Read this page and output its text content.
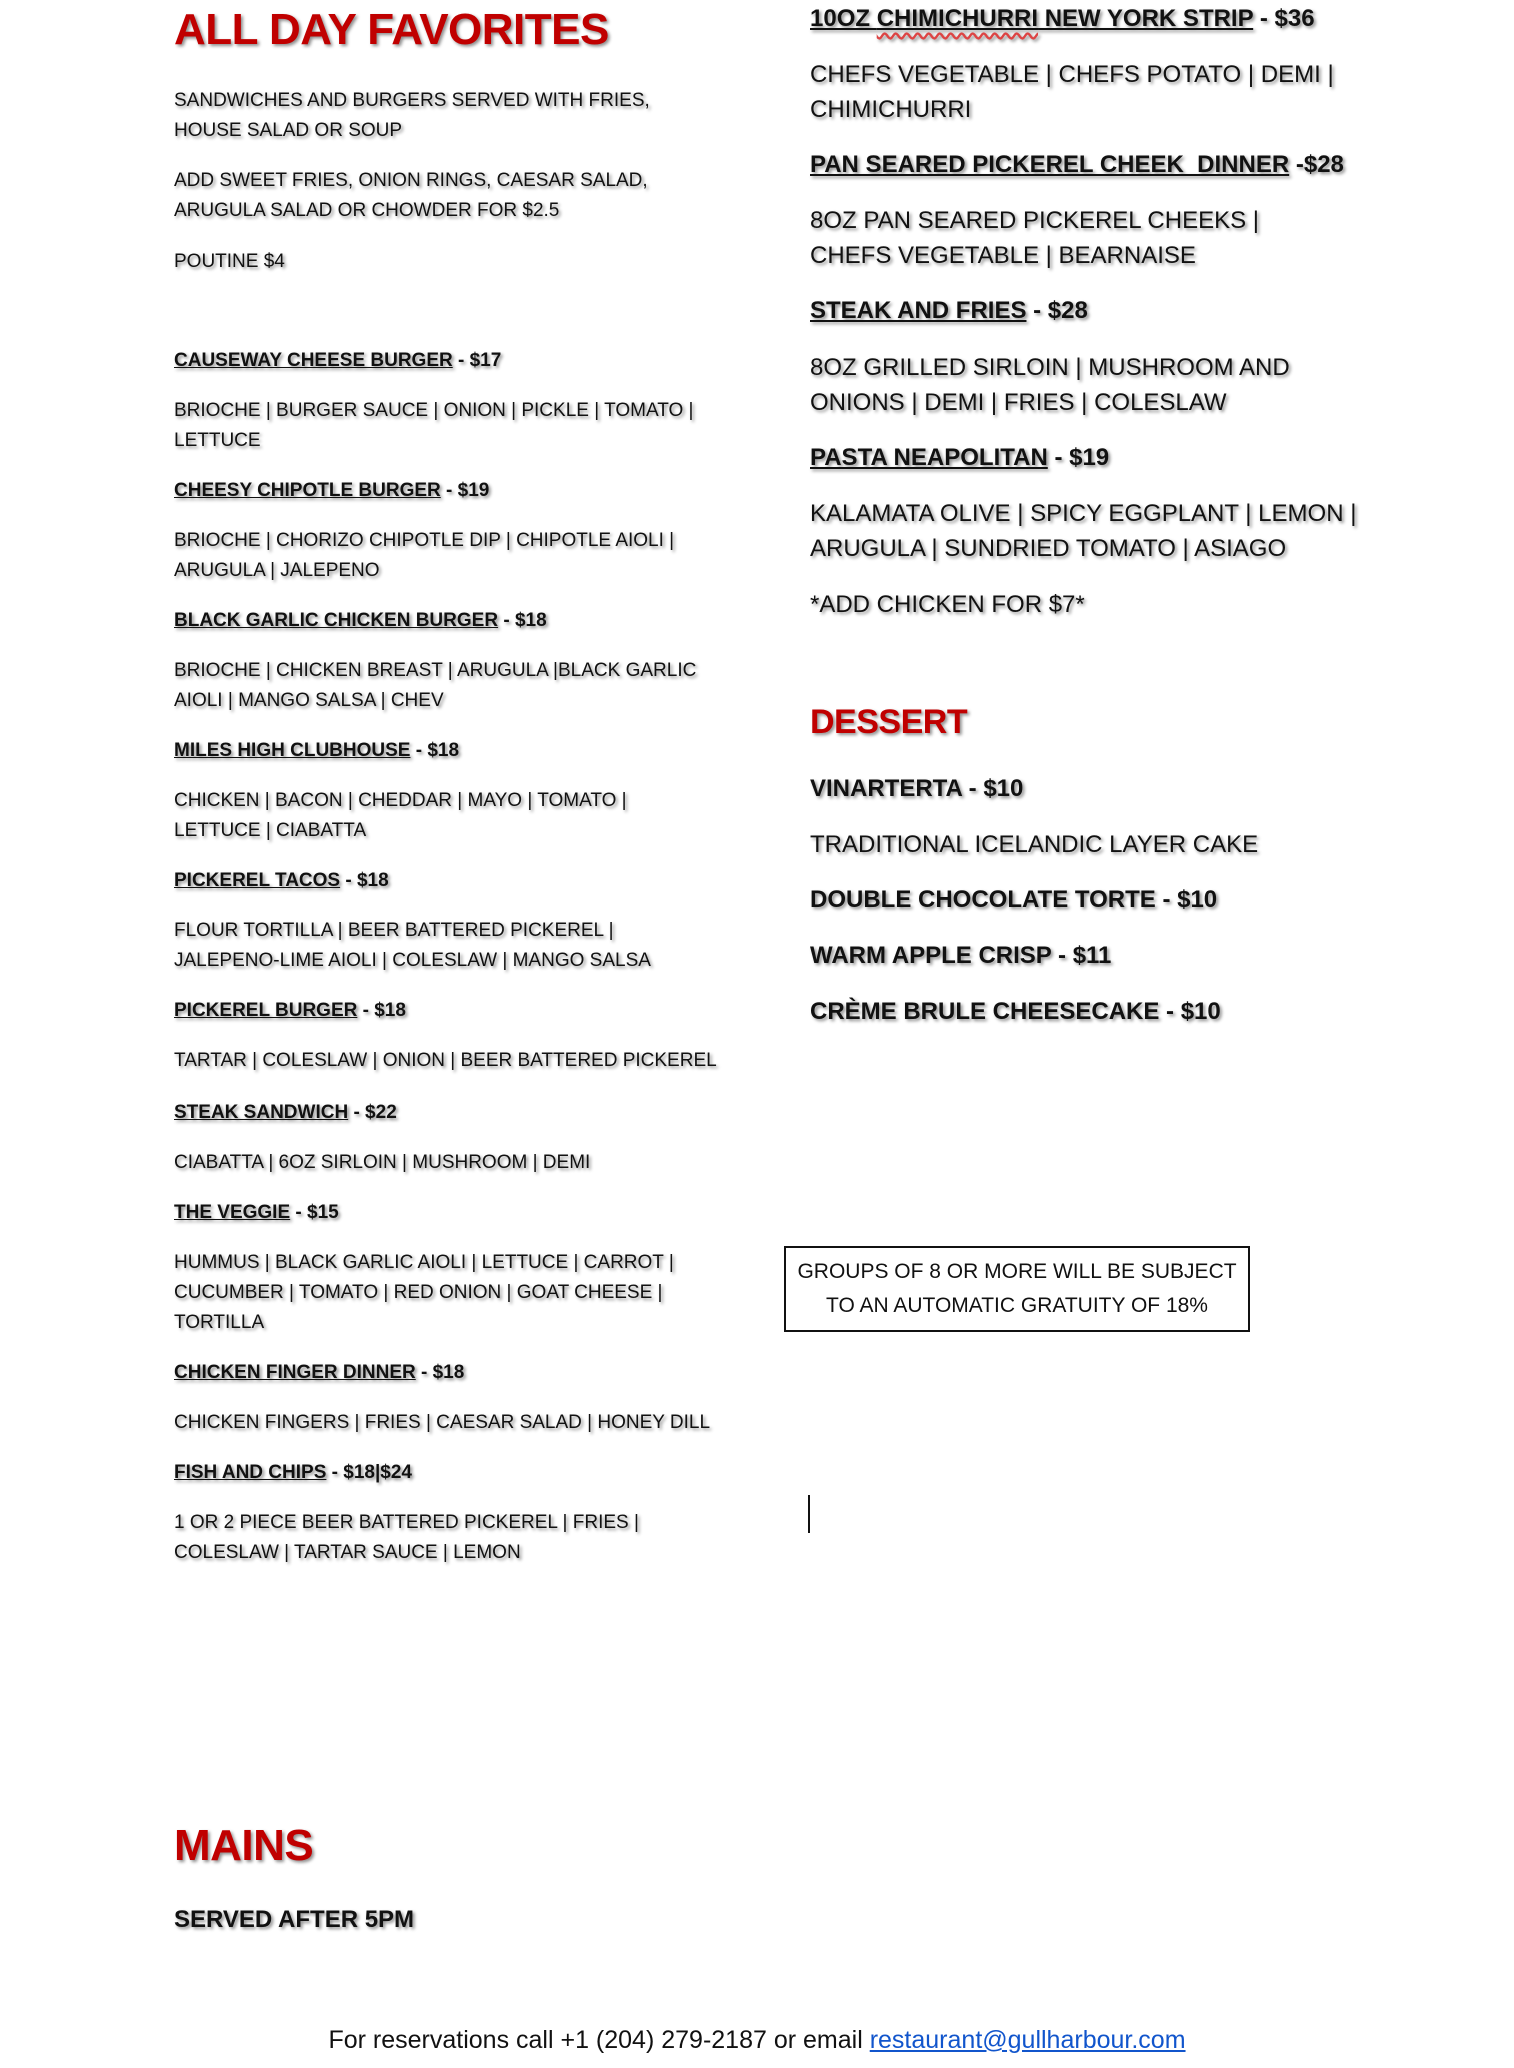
ALL DAY FAVORITES

SANDWICHES AND BURGERS SERVED WITH FRIES, HOUSE SALAD OR SOUP

ADD SWEET FRIES, ONION RINGS, CAESAR SALAD, ARUGULA SALAD OR CHOWDER FOR $2.5

POUTINE $4

CAUSEWAY CHEESE BURGER - $17

BRIOCHE | BURGER SAUCE | ONION | PICKLE | TOMATO | LETTUCE

CHEESY CHIPOTLE BURGER - $19

BRIOCHE | CHORIZO CHIPOTLE DIP | CHIPOTLE AIOLI | ARUGULA | JALEPENO

BLACK GARLIC CHICKEN BURGER - $18

BRIOCHE | CHICKEN BREAST | ARUGULA |BLACK GARLIC AIOLI | MANGO SALSA | CHEV

MILES HIGH CLUBHOUSE - $18

CHICKEN | BACON | CHEDDAR | MAYO | TOMATO | LETTUCE | CIABATTA

PICKEREL TACOS - $18

FLOUR TORTILLA | BEER BATTERED PICKEREL | JALEPENO-LIME AIOLI | COLESLAW | MANGO SALSA

PICKEREL BURGER - $18

TARTAR | COLESLAW | ONION | BEER BATTERED PICKEREL

STEAK SANDWICH - $22

CIABATTA | 6OZ SIRLOIN | MUSHROOM | DEMI

THE VEGGIE - $15

HUMMUS | BLACK GARLIC AIOLI | LETTUCE | CARROT | CUCUMBER | TOMATO | RED ONION | GOAT CHEESE | TORTILLA

CHICKEN FINGER DINNER - $18

CHICKEN FINGERS | FRIES | CAESAR SALAD | HONEY DILL

FISH AND CHIPS - $18|$24

1 OR 2 PIECE BEER BATTERED PICKEREL | FRIES | COLESLAW | TARTAR SAUCE | LEMON

MAINS

SERVED AFTER 5PM

10OZ CHIMICHURRI NEW YORK STRIP - $36

CHEFS VEGETABLE | CHEFS POTATO | DEMI | CHIMICHURRI

PAN SEARED PICKEREL CHEEK  DINNER -$28

8OZ PAN SEARED PICKEREL CHEEKS | CHEFS VEGETABLE | BEARNAISE

STEAK AND FRIES - $28

8OZ GRILLED SIRLOIN | MUSHROOM AND ONIONS | DEMI | FRIES | COLESLAW

PASTA NEAPOLITAN - $19

KALAMATA OLIVE | SPICY EGGPLANT | LEMON | ARUGULA | SUNDRIED TOMATO | ASIAGO

*ADD CHICKEN FOR $7*

DESSERT

VINARTERTA - $10

TRADITIONAL ICELANDIC LAYER CAKE

DOUBLE CHOCOLATE TORTE - $10

WARM APPLE CRISP - $11

CRÈME BRULE CHEESECAKE - $10

GROUPS OF 8 OR MORE WILL BE SUBJECT TO AN AUTOMATIC GRATUITY OF 18%
For reservations call +1 (204) 279-2187 or email restaurant@gullharbour.com
